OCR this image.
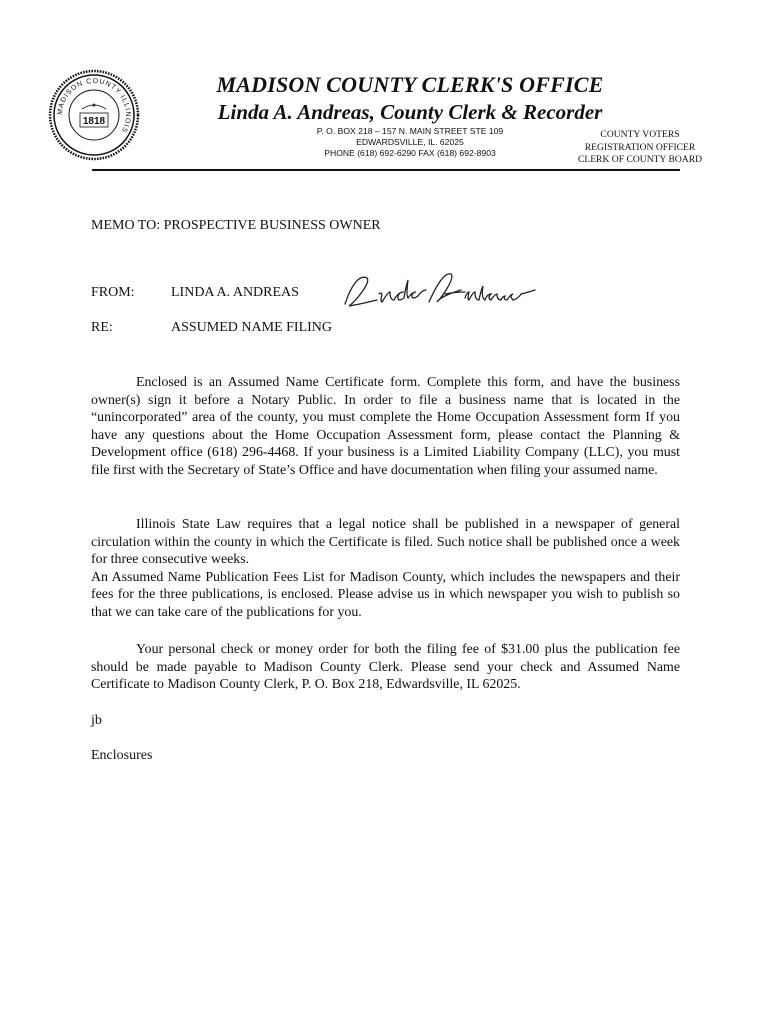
MADISON COUNTY ILLINOIS
★
1818
MADISON COUNTY CLERK'S OFFICE
Linda A. Andreas, County Clerk & Recorder
P. O. BOX 218 – 157 N. MAIN STREET STE 109
EDWARDSVILLE, IL. 62025
PHONE (618) 692-6290 FAX (618) 692-8903
COUNTY VOTERS
REGISTRATION OFFICER
CLERK OF COUNTY BOARD
MEMO TO: PROSPECTIVE BUSINESS OWNER
FROM:	LINDA A. ANDREAS
RE:	ASSUMED NAME FILING

Enclosed is an Assumed Name Certificate form. Complete this form, and have the business owner(s) sign it before a Notary Public. In order to file a business name that is located in the “unincorporated” area of the county, you must complete the Home Occupation Assessment form If you have any questions about the Home Occupation Assessment form, please contact the Planning & Development office (618) 296-4468. If your business is a Limited Liability Company (LLC), you must file first with the Secretary of State’s Office and have documentation when filing your assumed name.

Illinois State Law requires that a legal notice shall be published in a newspaper of general circulation within the county in which the Certificate is filed. Such notice shall be published once a week for three consecutive weeks.

An Assumed Name Publication Fees List for Madison County, which includes the newspapers and their fees for the three publications, is enclosed. Please advise us in which newspaper you wish to publish so that we can take care of the publications for you.

Your personal check or money order for both the filing fee of $31.00 plus the publication fee should be made payable to Madison County Clerk. Please send your check and Assumed Name Certificate to Madison County Clerk, P. O. Box 218, Edwardsville, IL 62025.

jb
Enclosures
